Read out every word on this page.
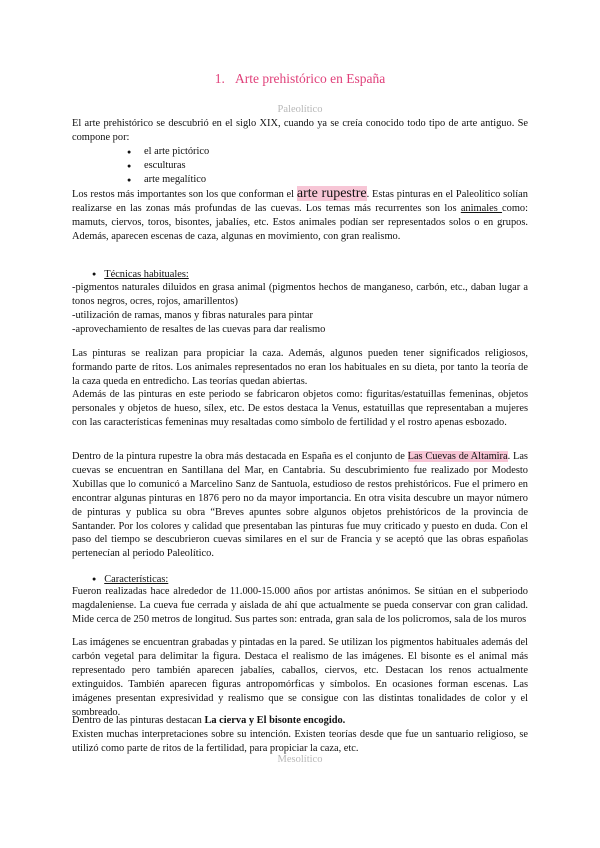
1.   Arte prehistórico en España
Paleolítico

El arte prehistórico se descubrió en el siglo XIX, cuando ya se creía conocido todo tipo de arte antiguo. Se compone por:

● el arte pictórico
● esculturas
● arte megalítico

Los restos más importantes son los que conforman el arte rupestre. Estas pinturas en el Paleolítico solían realizarse en las zonas más profundas de las cuevas. Los temas más recurrentes son los animales como: mamuts, ciervos, toros, bisontes, jabalíes, etc. Estos animales podían ser representados solos o en grupos. Además, aparecen escenas de caza, algunas en movimiento, con gran realismo.

● Técnicas habituales:

-pigmentos naturales diluidos en grasa animal (pigmentos hechos de manganeso, carbón, etc., daban lugar a tonos negros, ocres, rojos, amarillentos)

-utilización de ramas, manos y fibras naturales para pintar

-aprovechamiento de resaltes de las cuevas para dar realismo

Las pinturas se realizan para propiciar la caza. Además, algunos pueden tener significados religiosos, formando parte de ritos. Los animales representados no eran los habituales en su dieta, por tanto la teoría de la caza queda en entredicho. Las teorías quedan abiertas.

Además de las pinturas en este periodo se fabricaron objetos como: figuritas/estatuillas femeninas, objetos personales y objetos de hueso, sílex, etc. De estos destaca la Venus, estatuillas que representaban a mujeres con las características femeninas muy resaltadas como símbolo de fertilidad y el rostro apenas esbozado.

Dentro de la pintura rupestre la obra más destacada en España es el conjunto de Las Cuevas de Altamira. Las cuevas se encuentran en Santillana del Mar, en Cantabria. Su descubrimiento fue realizado por Modesto Xubillas que lo comunicó a Marcelino Sanz de Santuola, estudioso de restos prehistóricos. Fue el primero en encontrar algunas pinturas en 1876 pero no da mayor importancia. En otra visita descubre un mayor número de pinturas y publica su obra “Breves apuntes sobre algunos objetos prehistóricos de la provincia de Santander. Por los colores y calidad que presentaban las pinturas fue muy criticado y puesto en duda. Con el paso del tiempo se descubrieron cuevas similares en el sur de Francia y se aceptó que las obras españolas pertenecían al periodo Paleolítico.

● Características:

Fueron realizadas hace alrededor de 11.000-15.000 años por artistas anónimos. Se sitúan en el subperiodo magdaleniense. La cueva fue cerrada y aislada de ahí que actualmente se pueda conservar con gran calidad. Mide cerca de 250 metros de longitud. Sus partes son: entrada, gran sala de los policromos, sala de los muros

Las imágenes se encuentran grabadas y pintadas en la pared. Se utilizan los pigmentos habituales además del carbón vegetal para delimitar la figura. Destaca el realismo de las imágenes. El bisonte es el animal más representado pero también aparecen jabalíes, caballos, ciervos, etc. Destacan los renos actualmente extinguidos. También aparecen figuras antropomórficas y símbolos. En ocasiones forman escenas. Las imágenes presentan expresividad y realismo que se consigue con las distintas tonalidades de color y el sombreado.

Dentro de las pinturas destacan La cierva y El bisonte encogido.

Existen muchas interpretaciones sobre su intención. Existen teorías desde que fue un santuario religioso, se utilizó como parte de ritos de la fertilidad, para propiciar la caza, etc.

Mesolítico
